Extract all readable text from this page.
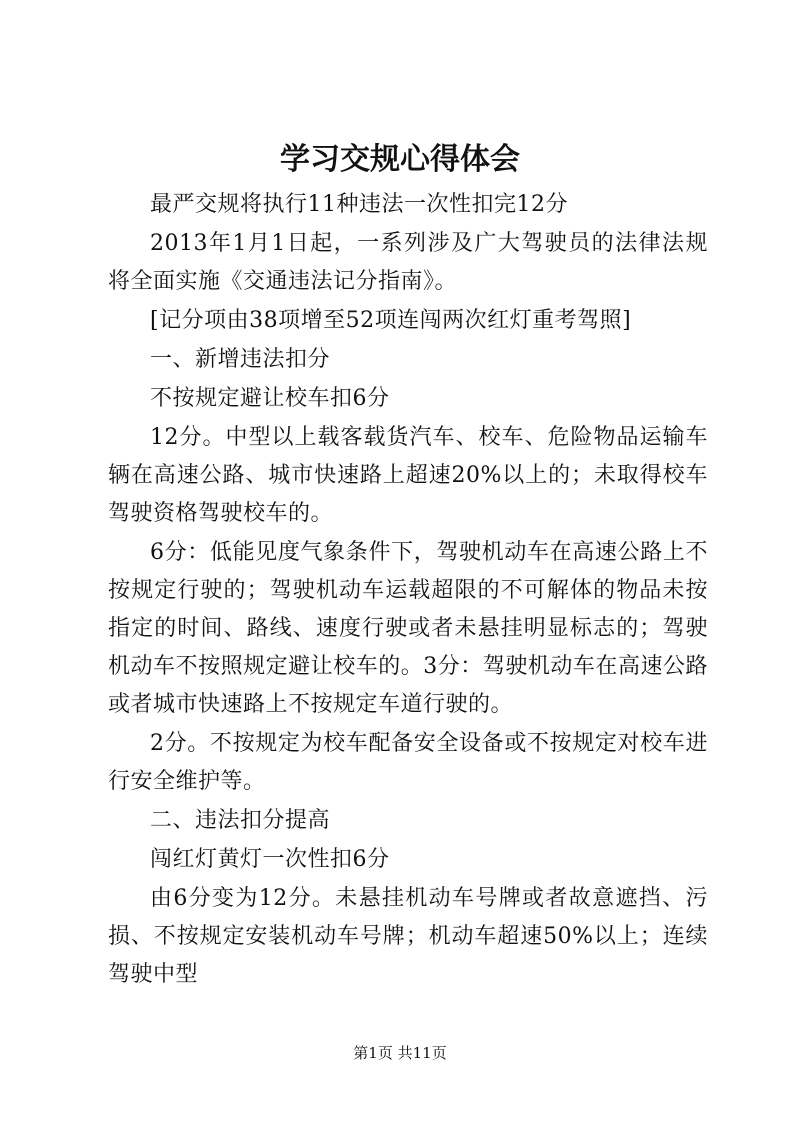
学习交规心得体会

最严交规将执行11种违法一次性扣完12分

2013年1月1日起，一系列涉及广大驾驶员的法律法规将全面实施《交通违法记分指南》。

[记分项由38项增至52项连闯两次红灯重考驾照]

一、新增违法扣分

不按规定避让校车扣6分

12分。中型以上载客载货汽车、校车、危险物品运输车辆在高速公路、城市快速路上超速20%以上的；未取得校车驾驶资格驾驶校车的。

6分：低能见度气象条件下，驾驶机动车在高速公路上不按规定行驶的；驾驶机动车运载超限的不可解体的物品未按指定的时间、路线、速度行驶或者未悬挂明显标志的；驾驶机动车不按照规定避让校车的。3分：驾驶机动车在高速公路或者城市快速路上不按规定车道行驶的。

2分。不按规定为校车配备安全设备或不按规定对校车进行安全维护等。

二、违法扣分提高

闯红灯黄灯一次性扣6分

由6分变为12分。未悬挂机动车号牌或者故意遮挡、污损、不按规定安装机动车号牌；机动车超速50%以上；连续驾驶中型

第1页 共11页
